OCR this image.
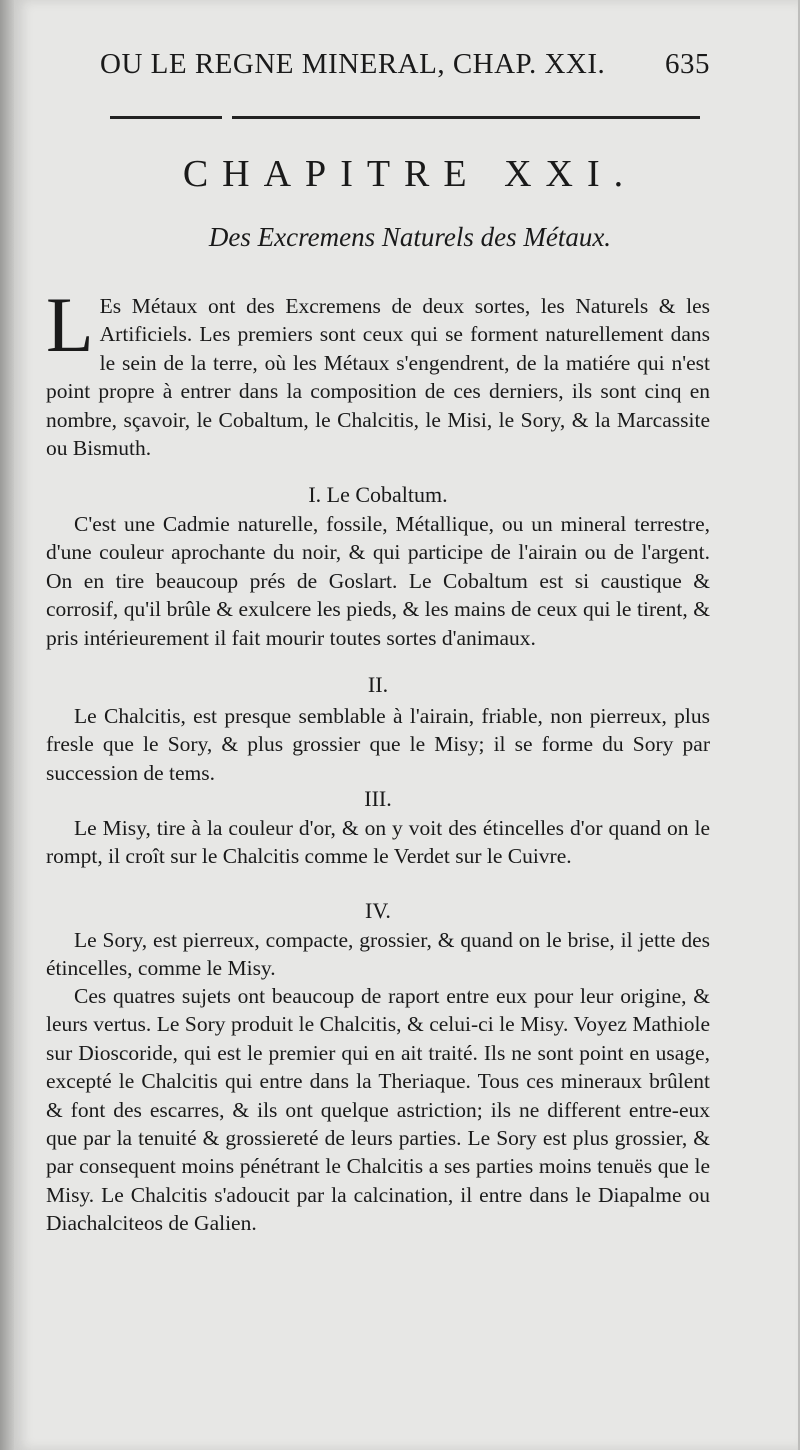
OU LE REGNE MINERAL, CHAP. XXI. 635
CHAPITRE XXI.
Des Excremens Naturels des Métaux.
L Es Métaux ont des Excremens de deux sortes, les Naturels & les Artificiels. Les premiers sont ceux qui se forment naturellement dans le sein de la terre, où les Métaux s'engendrent, de la matiére qui n'est point propre à entrer dans la composition de ces derniers, ils sont cinq en nombre, sçavoir, le Cobaltum, le Chalcitis, le Misi, le Sory, & la Marcassite ou Bismuth.
I. Le Cobaltum.
C'est une Cadmie naturelle, fossile, Métallique, ou un mineral terrestre, d'une couleur aprochante du noir, & qui participe de l'airain ou de l'argent. On en tire beaucoup prés de Goslart. Le Cobaltum est si caustique & corrosif, qu'il brûle & exulcere les pieds, & les mains de ceux qui le tirent, & pris intérieurement il fait mourir toutes sortes d'animaux.
II.
Le Chalcitis, est presque semblable à l'airain, friable, non pierreux, plus fresle que le Sory, & plus grossier que le Misy; il se forme du Sory par succession de tems.
III.
Le Misy, tire à la couleur d'or, & on y voit des étincelles d'or quand on le rompt, il croît sur le Chalcitis comme le Verdet sur le Cuivre.
IV.
Le Sory, est pierreux, compacte, grossier, & quand on le brise, il jette des étincelles, comme le Misy.
Ces quatres sujets ont beaucoup de raport entre eux pour leur origine, & leurs vertus. Le Sory produit le Chalcitis, & celui-ci le Misy. Voyez Mathiole sur Dioscoride, qui est le premier qui en ait traité. Ils ne sont point en usage, excepté le Chalcitis qui entre dans la Theriaque. Tous ces mineraux brûlent & font des escarres, & ils ont quelque astriction; ils ne different entre-eux que par la tenuité & grossiereté de leurs parties. Le Sory est plus grossier, & par consequent moins pénétrant le Chalcitis a ses parties moins tenuës que le Misy. Le Chalcitis s'adoucit par la calcination, il entre dans le Diapalme ou Diachalciteos de Galien.
